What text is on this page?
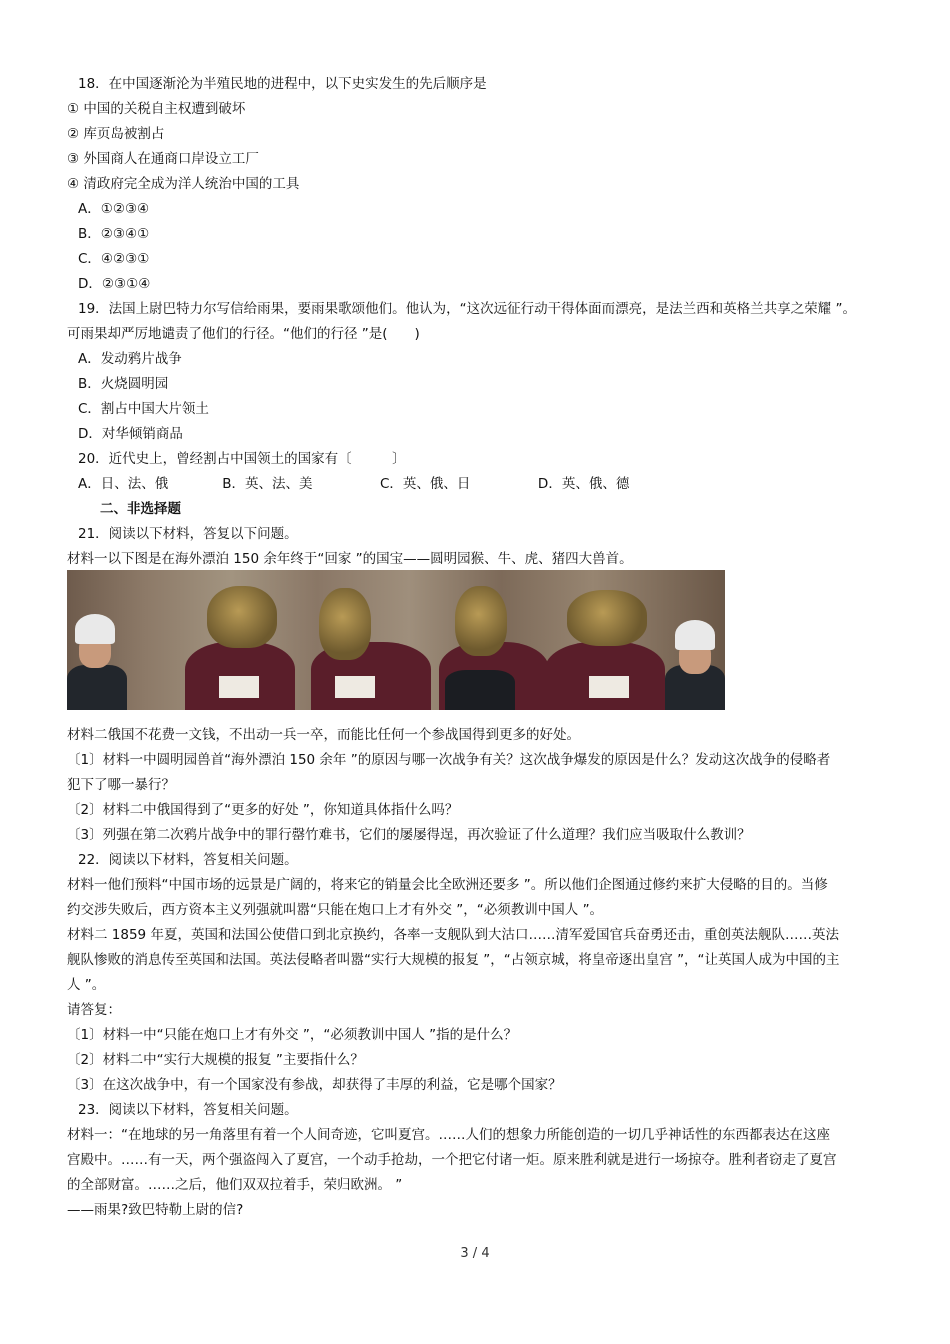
18．在中国逐渐沦为半殖民地的进程中，以下史实发生的先后顺序是
① 中国的关税自主权遭到破坏
② 库页岛被割占
③ 外国商人在通商口岸设立工厂
④ 清政府完全成为洋人统治中国的工具
A．①②③④
B．②③④①
C．④②③①
D．②③①④
19．法国上尉巴特力尔写信给雨果，要雨果歌颂他们。他认为，“这次远征行动干得体面而漂亮，是法兰西和英格兰共享之荣耀 ”。
可雨果却严厉地谴责了他们的行径。“他们的行径 ”是(　　)
A．发动鸦片战争
B．火烧圆明园
C．割占中国大片领土
D．对华倾销商品
20．近代史上，曾经割占中国领土的国家有〔　　　〕
A．日、法、俄　　　　B．英、法、美　　　　　C．英、俄、日　　　　　D．英、俄、德
二、非选择题
21．阅读以下材料，答复以下问题。
材料一以下图是在海外漂泊 150 余年终于“回家 ”的国宝——圆明园猴、牛、虎、猪四大兽首。
材料二俄国不花费一文钱，不出动一兵一卒，而能比任何一个参战国得到更多的好处。
〔1〕材料一中圆明园兽首“海外漂泊 150 余年 ”的原因与哪一次战争有关？这次战争爆发的原因是什么？发动这次战争的侵略者
犯下了哪一暴行？
〔2〕材料二中俄国得到了“更多的好处 ”，你知道具体指什么吗？
〔3〕列强在第二次鸦片战争中的罪行罄竹难书，它们的屡屡得逞，再次验证了什么道理？我们应当吸取什么教训？
22．阅读以下材料，答复相关问题。
材料一他们预料“中国市场的远景是广阔的，将来它的销量会比全欧洲还要多 ”。所以他们企图通过修约来扩大侵略的目的。当修
约交涉失败后，西方资本主义列强就叫嚣“只能在炮口上才有外交 ”，“必须教训中国人 ”。
材料二 1859 年夏，英国和法国公使借口到北京换约，各率一支舰队到大沽口……清军爱国官兵奋勇还击，重创英法舰队……英法
舰队惨败的消息传至英国和法国。英法侵略者叫嚣“实行大规模的报复 ”，“占领京城，将皇帝逐出皇宫 ”，“让英国人成为中国的主
人 ”。
请答复：
〔1〕材料一中“只能在炮口上才有外交 ”，“必须教训中国人 ”指的是什么？
〔2〕材料二中“实行大规模的报复 ”主要指什么？
〔3〕在这次战争中，有一个国家没有参战，却获得了丰厚的利益，它是哪个国家？
23．阅读以下材料，答复相关问题。
材料一：“在地球的另一角落里有着一个人间奇迹，它叫夏宫。……人们的想象力所能创造的一切几乎神话性的东西都表达在这座
宫殿中。……有一天，两个强盗闯入了夏宫，一个动手抢劫，一个把它付诸一炬。原来胜利就是进行一场掠夺。胜利者窃走了夏宫
的全部财富。……之后，他们双双拉着手，荣归欧洲。 ”
——雨果?致巴特勒上尉的信?
3 / 4
